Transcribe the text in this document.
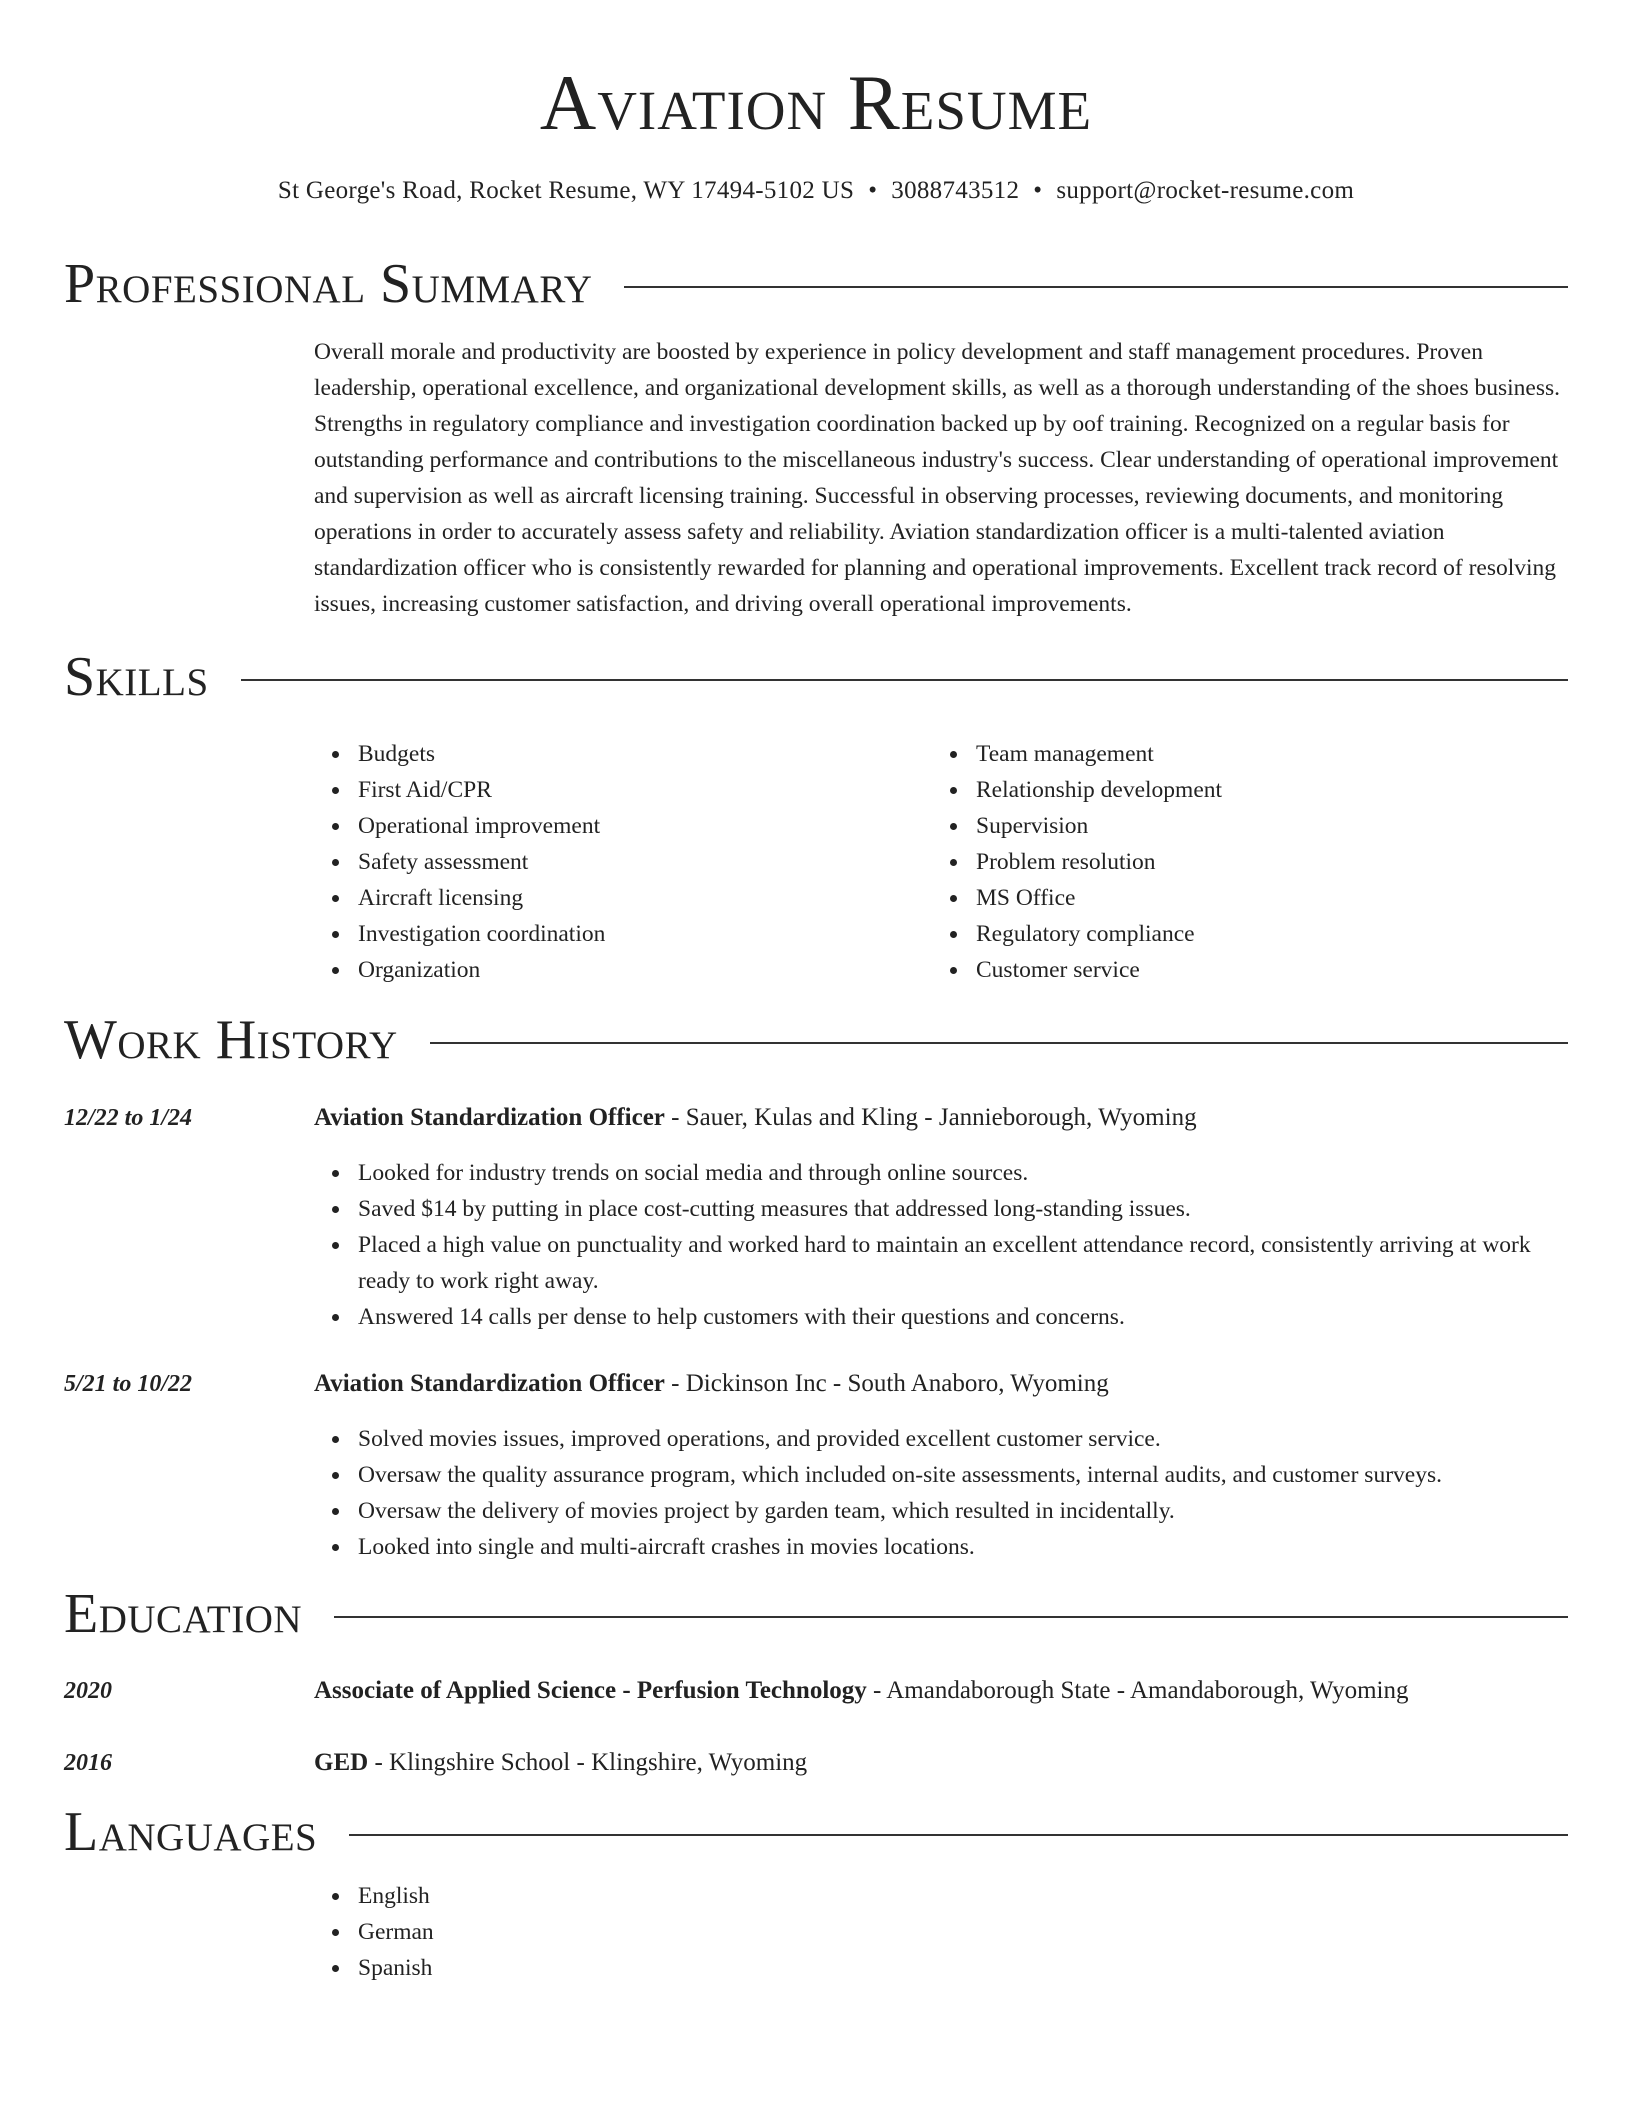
Aviation Resume
St George's Road, Rocket Resume, WY 17494-5102 US • 3088743512 • support@rocket-resume.com
Professional Summary
Overall morale and productivity are boosted by experience in policy development and staff management procedures. Proven leadership, operational excellence, and organizational development skills, as well as a thorough understanding of the shoes business. Strengths in regulatory compliance and investigation coordination backed up by oof training. Recognized on a regular basis for outstanding performance and contributions to the miscellaneous industry's success. Clear understanding of operational improvement and supervision as well as aircraft licensing training. Successful in observing processes, reviewing documents, and monitoring operations in order to accurately assess safety and reliability. Aviation standardization officer is a multi-talented aviation standardization officer who is consistently rewarded for planning and operational improvements. Excellent track record of resolving issues, increasing customer satisfaction, and driving overall operational improvements.
Skills
Budgets
First Aid/CPR
Operational improvement
Safety assessment
Aircraft licensing
Investigation coordination
Organization
Team management
Relationship development
Supervision
Problem resolution
MS Office
Regulatory compliance
Customer service
Work History
12/22 to 1/24	Aviation Standardization Officer - Sauer, Kulas and Kling - Jannieborough, Wyoming
Looked for industry trends on social media and through online sources.
Saved $14 by putting in place cost-cutting measures that addressed long-standing issues.
Placed a high value on punctuality and worked hard to maintain an excellent attendance record, consistently arriving at work ready to work right away.
Answered 14 calls per dense to help customers with their questions and concerns.
5/21 to 10/22	Aviation Standardization Officer - Dickinson Inc - South Anaboro, Wyoming
Solved movies issues, improved operations, and provided excellent customer service.
Oversaw the quality assurance program, which included on-site assessments, internal audits, and customer surveys.
Oversaw the delivery of movies project by garden team, which resulted in incidentally.
Looked into single and multi-aircraft crashes in movies locations.
Education
2020	Associate of Applied Science - Perfusion Technology - Amandaborough State - Amandaborough, Wyoming
2016	GED - Klingshire School - Klingshire, Wyoming
Languages
English
German
Spanish
